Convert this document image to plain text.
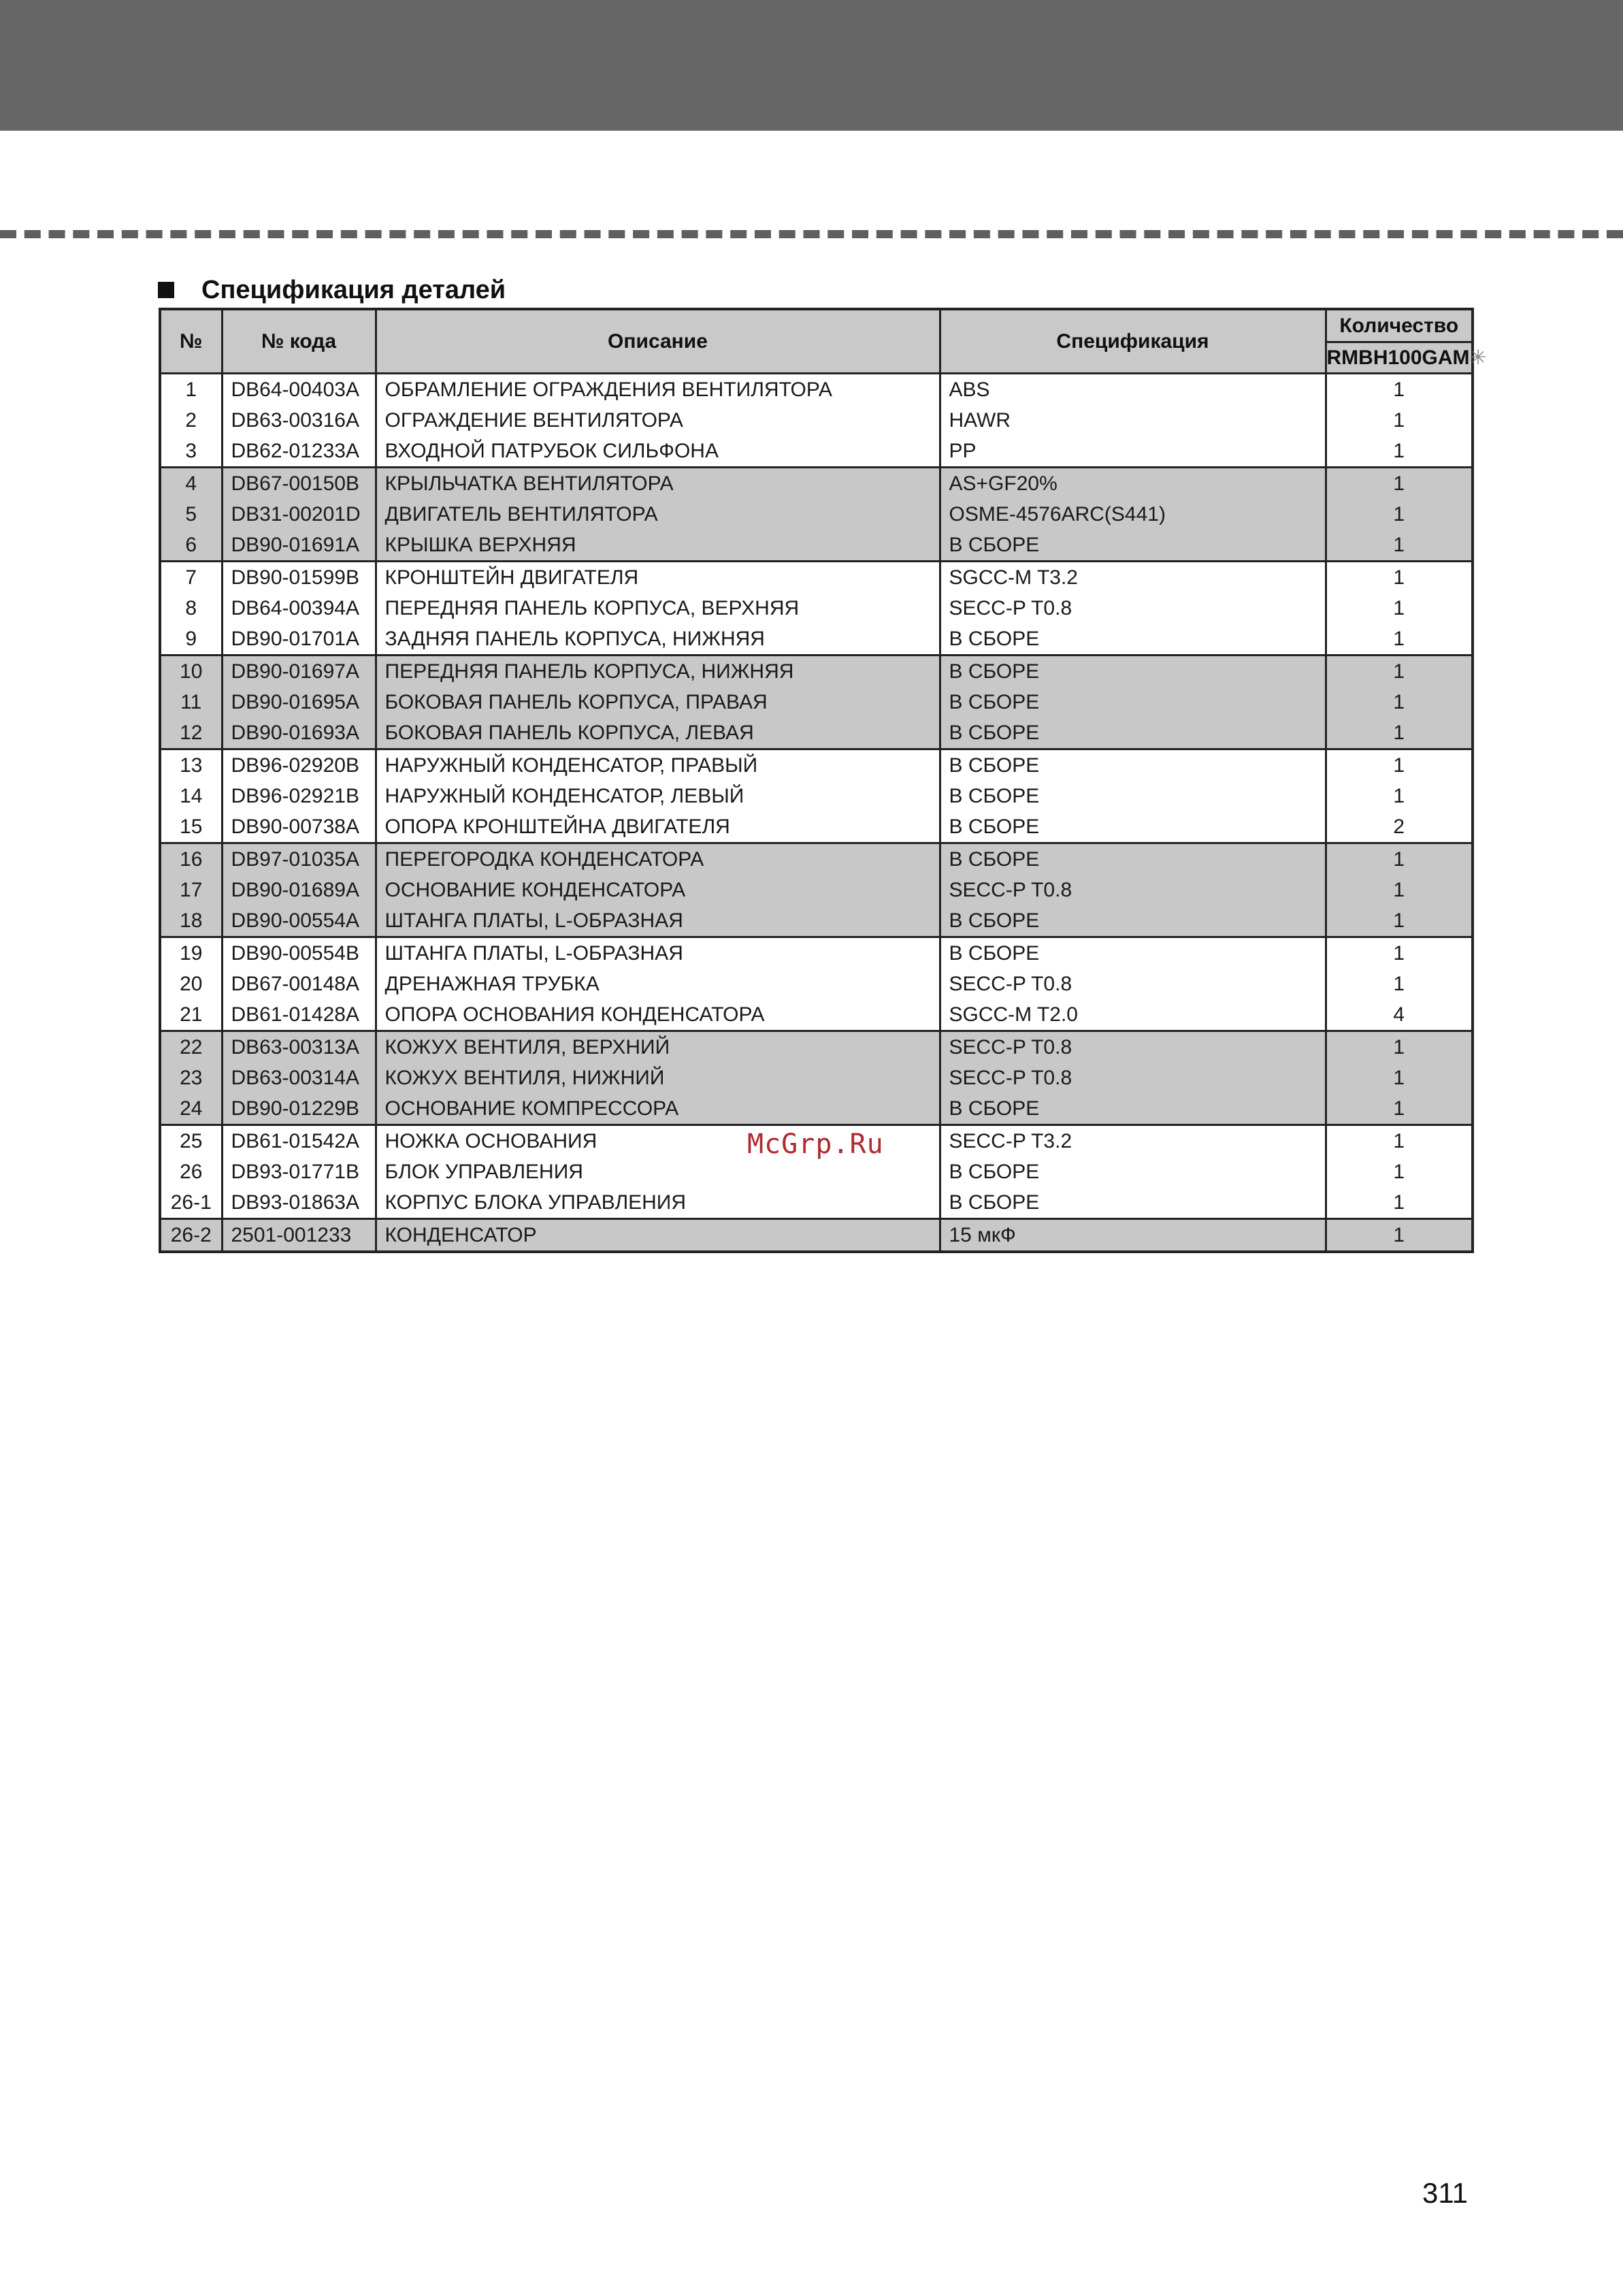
Спецификация деталей
№	№ кода	Описание	Спецификация	Количество
				RMBH100GAM✳
1	DB64-00403A	ОБРАМЛЕНИЕ ОГРАЖДЕНИЯ ВЕНТИЛЯТОРА	ABS	1
2	DB63-00316A	ОГРАЖДЕНИЕ ВЕНТИЛЯТОРА	HAWR	1
3	DB62-01233A	ВХОДНОЙ ПАТРУБОК СИЛЬФОНА	PP	1
4	DB67-00150B	КРЫЛЬЧАТКА ВЕНТИЛЯТОРА	AS+GF20%	1
5	DB31-00201D	ДВИГАТЕЛЬ ВЕНТИЛЯТОРА	OSME-4576ARC(S441)	1
6	DB90-01691A	КРЫШКА ВЕРХНЯЯ	В СБОРЕ	1
7	DB90-01599B	КРОНШТЕЙН ДВИГАТЕЛЯ	SGCC-M T3.2	1
8	DB64-00394A	ПЕРЕДНЯЯ ПАНЕЛЬ КОРПУСА, ВЕРХНЯЯ	SECC-P T0.8	1
9	DB90-01701A	ЗАДНЯЯ ПАНЕЛЬ КОРПУСА, НИЖНЯЯ	В СБОРЕ	1
10	DB90-01697A	ПЕРЕДНЯЯ ПАНЕЛЬ КОРПУСА, НИЖНЯЯ	В СБОРЕ	1
11	DB90-01695A	БОКОВАЯ ПАНЕЛЬ КОРПУСА, ПРАВАЯ	В СБОРЕ	1
12	DB90-01693A	БОКОВАЯ ПАНЕЛЬ КОРПУСА, ЛЕВАЯ	В СБОРЕ	1
13	DB96-02920B	НАРУЖНЫЙ КОНДЕНСАТОР, ПРАВЫЙ	В СБОРЕ	1
14	DB96-02921B	НАРУЖНЫЙ КОНДЕНСАТОР, ЛЕВЫЙ	В СБОРЕ	1
15	DB90-00738A	ОПОРА КРОНШТЕЙНА ДВИГАТЕЛЯ	В СБОРЕ	2
16	DB97-01035A	ПЕРЕГОРОДКА КОНДЕНСАТОРА	В СБОРЕ	1
17	DB90-01689A	ОСНОВАНИЕ КОНДЕНСАТОРА	SECC-P T0.8	1
18	DB90-00554A	ШТАНГА ПЛАТЫ, L-ОБРАЗНАЯ	В СБОРЕ	1
19	DB90-00554B	ШТАНГА ПЛАТЫ, L-ОБРАЗНАЯ	В СБОРЕ	1
20	DB67-00148A	ДРЕНАЖНАЯ ТРУБКА	SECC-P T0.8	1
21	DB61-01428A	ОПОРА ОСНОВАНИЯ КОНДЕНСАТОРА	SGCC-M T2.0	4
22	DB63-00313A	КОЖУХ ВЕНТИЛЯ, ВЕРХНИЙ	SECC-P T0.8	1
23	DB63-00314A	КОЖУХ ВЕНТИЛЯ, НИЖНИЙ	SECC-P T0.8	1
24	DB90-01229B	ОСНОВАНИЕ КОМПРЕССОРА	В СБОРЕ	1
25	DB61-01542A	НОЖКА ОСНОВАНИЯ	SECC-P T3.2	1
26	DB93-01771B	БЛОК УПРАВЛЕНИЯ	В СБОРЕ	1
26-1	DB93-01863A	КОРПУС БЛОКА УПРАВЛЕНИЯ	В СБОРЕ	1
26-2	2501-001233	КОНДЕНСАТОР	15 мкФ	1
McGrp.Ru
311
